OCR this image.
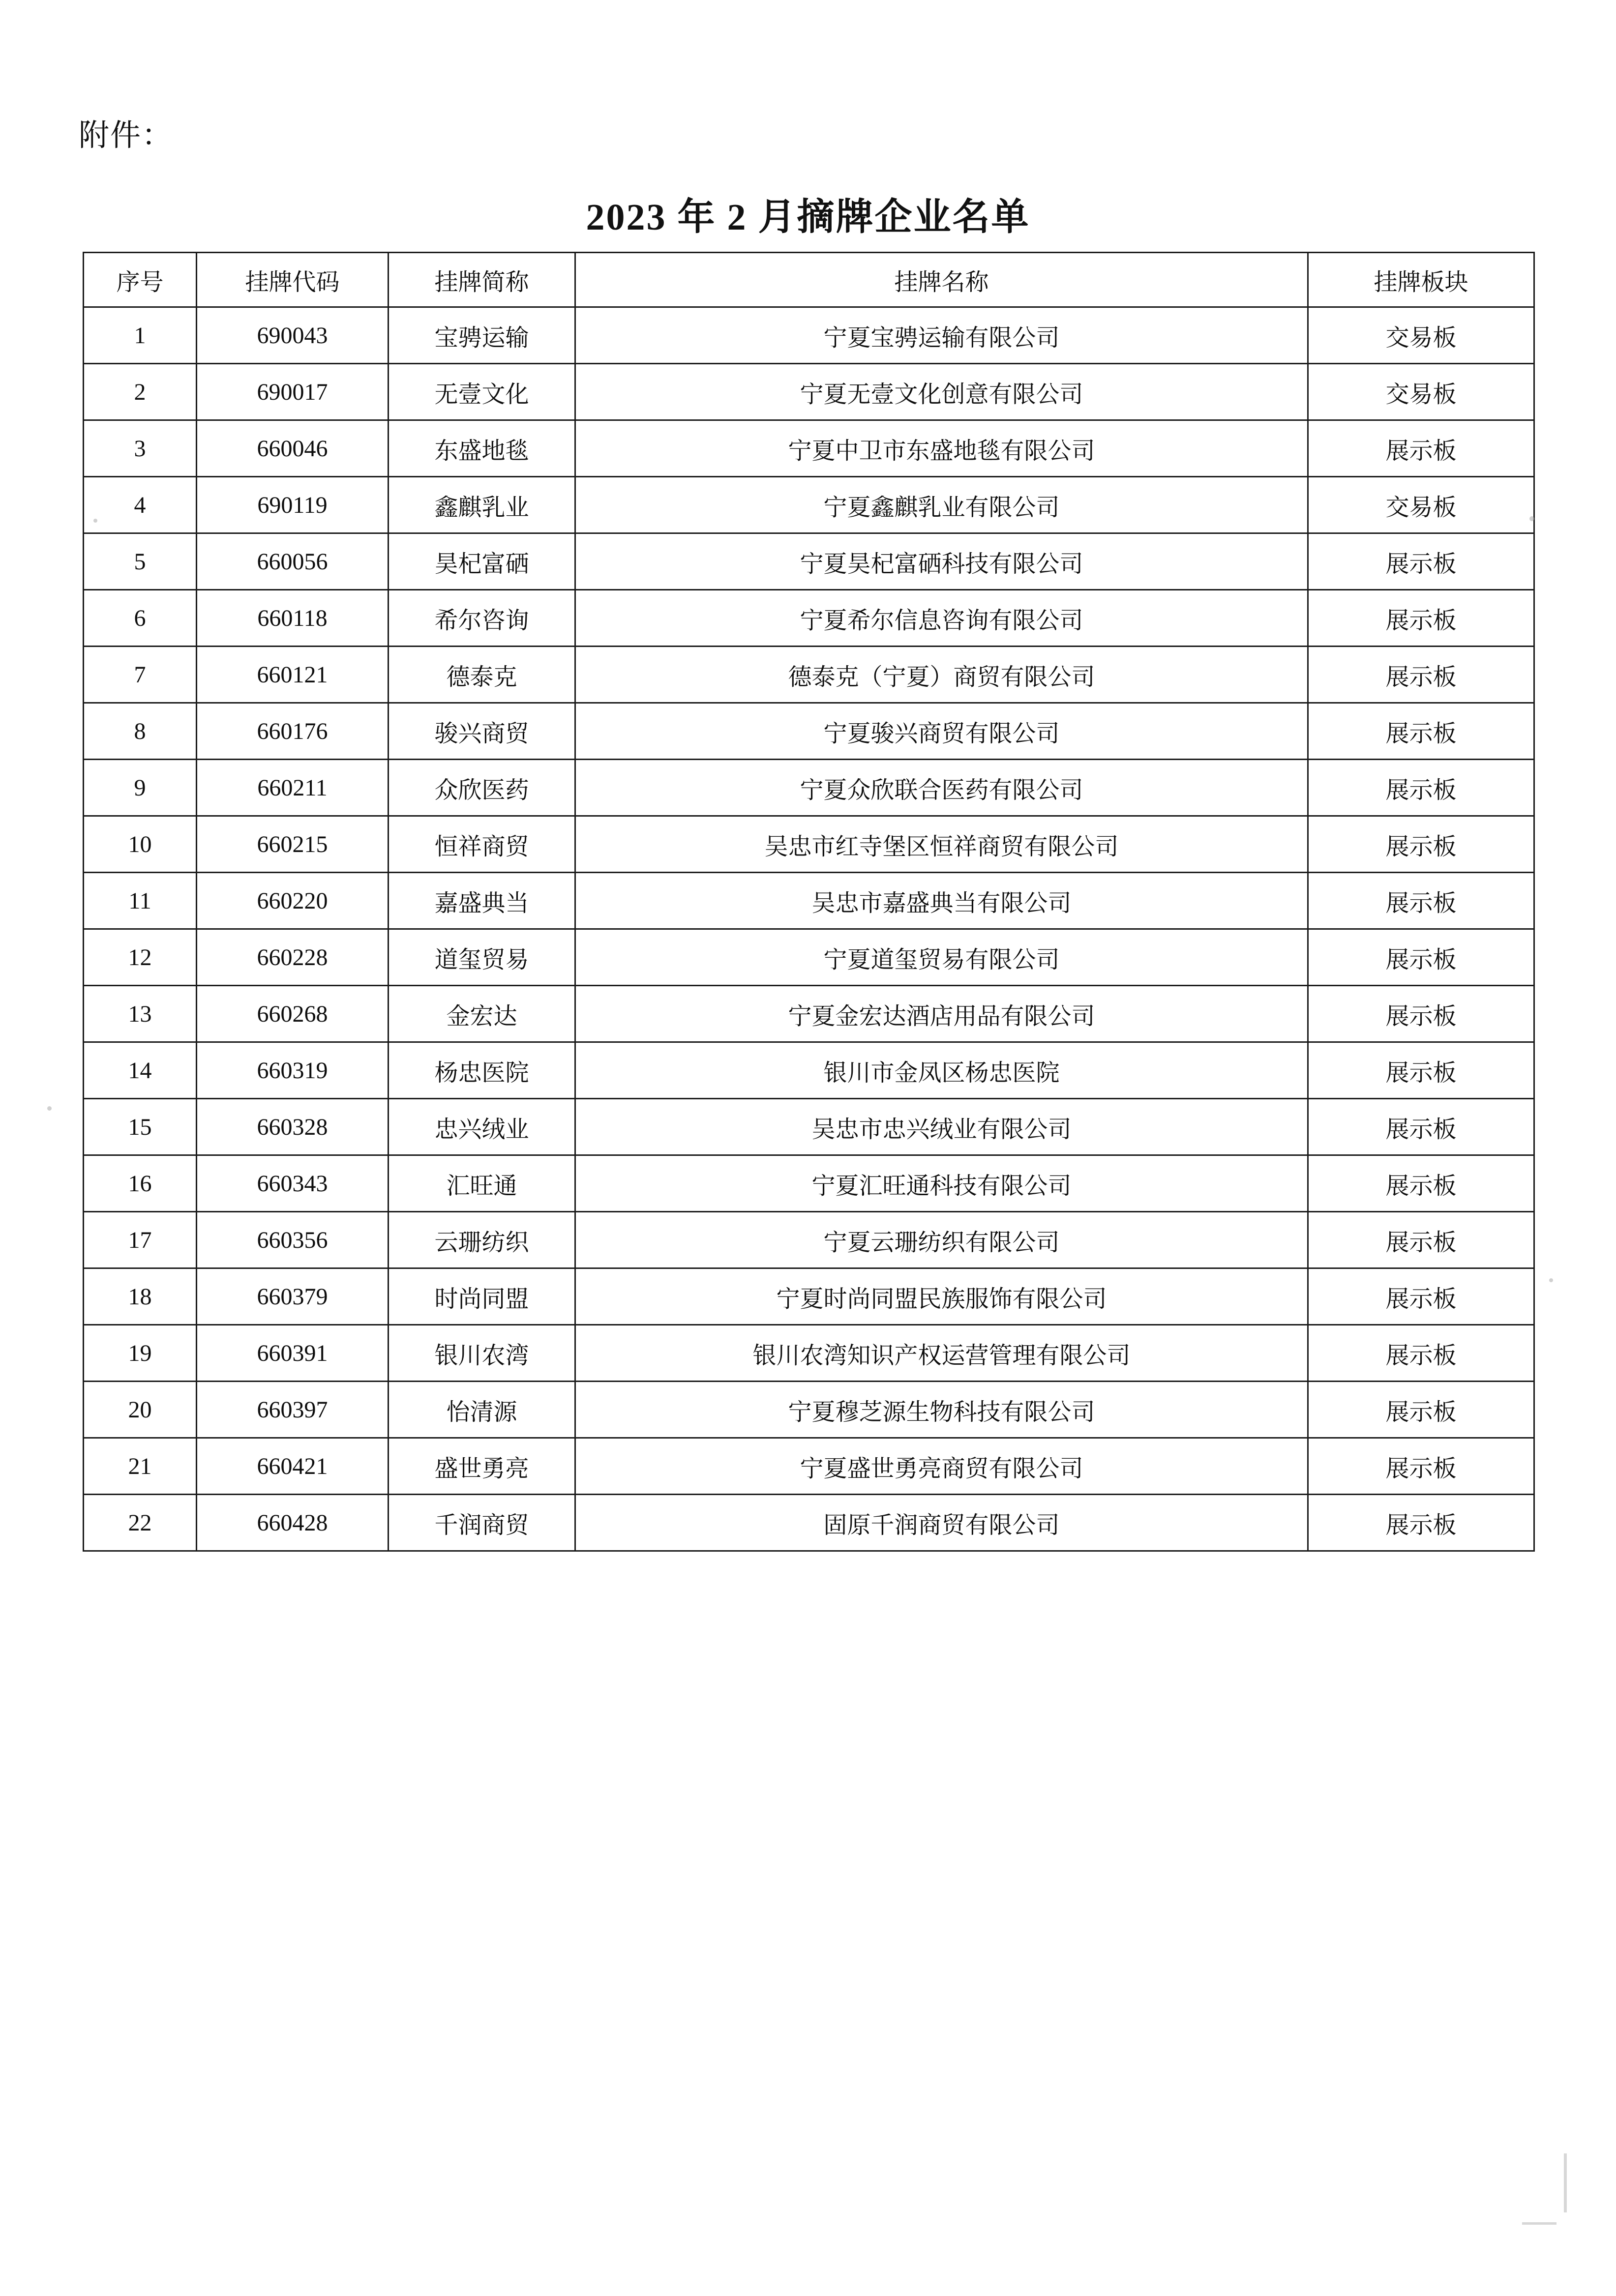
附件：
2023 年 2 月摘牌企业名单
序号	挂牌代码	挂牌简称	挂牌名称	挂牌板块
1	690043	宝骋运输	宁夏宝骋运输有限公司	交易板
2	690017	无壹文化	宁夏无壹文化创意有限公司	交易板
3	660046	东盛地毯	宁夏中卫市东盛地毯有限公司	展示板
4	690119	鑫麒乳业	宁夏鑫麒乳业有限公司	交易板
5	660056	昊杞富硒	宁夏昊杞富硒科技有限公司	展示板
6	660118	希尔咨询	宁夏希尔信息咨询有限公司	展示板
7	660121	德泰克	德泰克（宁夏）商贸有限公司	展示板
8	660176	骏兴商贸	宁夏骏兴商贸有限公司	展示板
9	660211	众欣医药	宁夏众欣联合医药有限公司	展示板
10	660215	恒祥商贸	吴忠市红寺堡区恒祥商贸有限公司	展示板
11	660220	嘉盛典当	吴忠市嘉盛典当有限公司	展示板
12	660228	道玺贸易	宁夏道玺贸易有限公司	展示板
13	660268	金宏达	宁夏金宏达酒店用品有限公司	展示板
14	660319	杨忠医院	银川市金凤区杨忠医院	展示板
15	660328	忠兴绒业	吴忠市忠兴绒业有限公司	展示板
16	660343	汇旺通	宁夏汇旺通科技有限公司	展示板
17	660356	云珊纺织	宁夏云珊纺织有限公司	展示板
18	660379	时尚同盟	宁夏时尚同盟民族服饰有限公司	展示板
19	660391	银川农湾	银川农湾知识产权运营管理有限公司	展示板
20	660397	怡清源	宁夏穆芝源生物科技有限公司	展示板
21	660421	盛世勇亮	宁夏盛世勇亮商贸有限公司	展示板
22	660428	千润商贸	固原千润商贸有限公司	展示板
